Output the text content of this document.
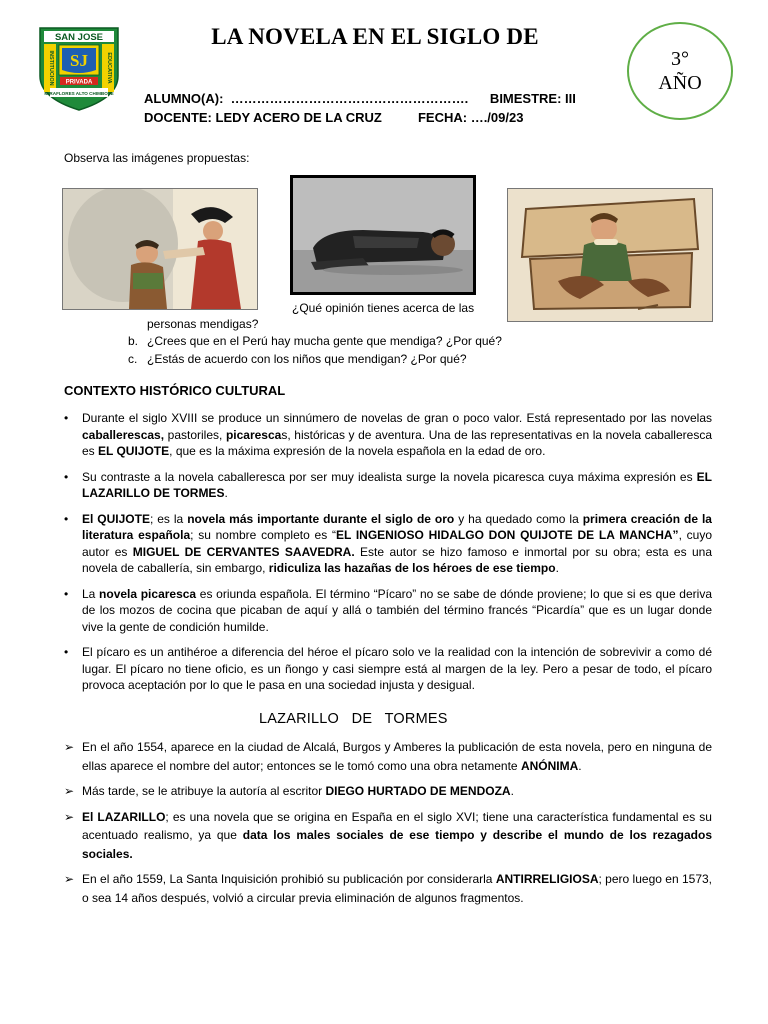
SAN JOSE
INSTITUCION	EDUCATIVA
SJ
PRIVADA
MIRAFLORES ALTO CHIMBOTE
LA NOVELA EN EL SIGLO DE
3°
AÑO
ALUMNO(A):  ……………………………………………….      BIMESTRE: III
DOCENTE: LEDY ACERO DE LA CRUZ          FECHA: …./09/23
Observa las imágenes propuestas:
¿Qué opinión tienes acerca de las
personas mendigas?
b. ¿Crees que en el Perú hay mucha gente que mendiga? ¿Por qué?
c. ¿Estás de acuerdo con los niños que mendigan? ¿Por qué?
CONTEXTO HISTÓRICO CULTURAL
• Durante el siglo XVIII se produce un sinnúmero de novelas de gran o poco valor. Está representado por las novelas caballerescas, pastoriles, picarescas, históricas y de aventura. Una de las representativas en la novela caballeresca es EL QUIJOTE, que es la máxima expresión de la novela española en la edad de oro.
• Su contraste a la novela caballeresca por ser muy idealista surge la novela picaresca cuya máxima expresión es EL LAZARILLO DE TORMES.
• El QUIJOTE; es la novela más importante durante el siglo de oro y ha quedado como la primera creación de la literatura española; su nombre completo es “EL INGENIOSO HIDALGO DON QUIJOTE DE LA MANCHA”, cuyo autor es MIGUEL DE CERVANTES SAAVEDRA. Este autor se hizo famoso e inmortal por su obra; esta es una novela de caballería, sin embargo, ridiculiza las hazañas de los héroes de ese tiempo.
• La novela picaresca es oriunda española. El término “Pícaro” no se sabe de dónde proviene; lo que si es que deriva de los mozos de cocina que picaban de aquí y allá o también del término francés “Picardía” que es un lugar donde vive la gente de condición humilde.
• El pícaro es un antihéroe a diferencia del héroe el pícaro solo ve la realidad con la intención de sobrevivir a como dé lugar. El pícaro no tiene oficio, es un ñongo y casi siempre está al margen de la ley. Pero a pesar de todo, el pícaro provoca aceptación por lo que le pasa en una sociedad injusta y desigual.
LAZARILLO   DE   TORMES
➢ En el año 1554, aparece en la ciudad de Alcalá, Burgos y Amberes la publicación de esta novela, pero en ninguna de ellas aparece el nombre del autor; entonces se le tomó como una obra netamente ANÓNIMA.
➢ Más tarde, se le atribuye la autoría al escritor DIEGO HURTADO DE MENDOZA.
➢ El LAZARILLO; es una novela que se origina en España en el siglo XVI; tiene una característica fundamental es su acentuado realismo, ya que data los males sociales de ese tiempo y describe el mundo de los rezagados sociales.
➢ En el año 1559, La Santa Inquisición prohibió su publicación por considerarla ANTIRRELIGIOSA; pero luego en 1573, o sea 14 años después, volvió a circular previa eliminación de algunos fragmentos.
